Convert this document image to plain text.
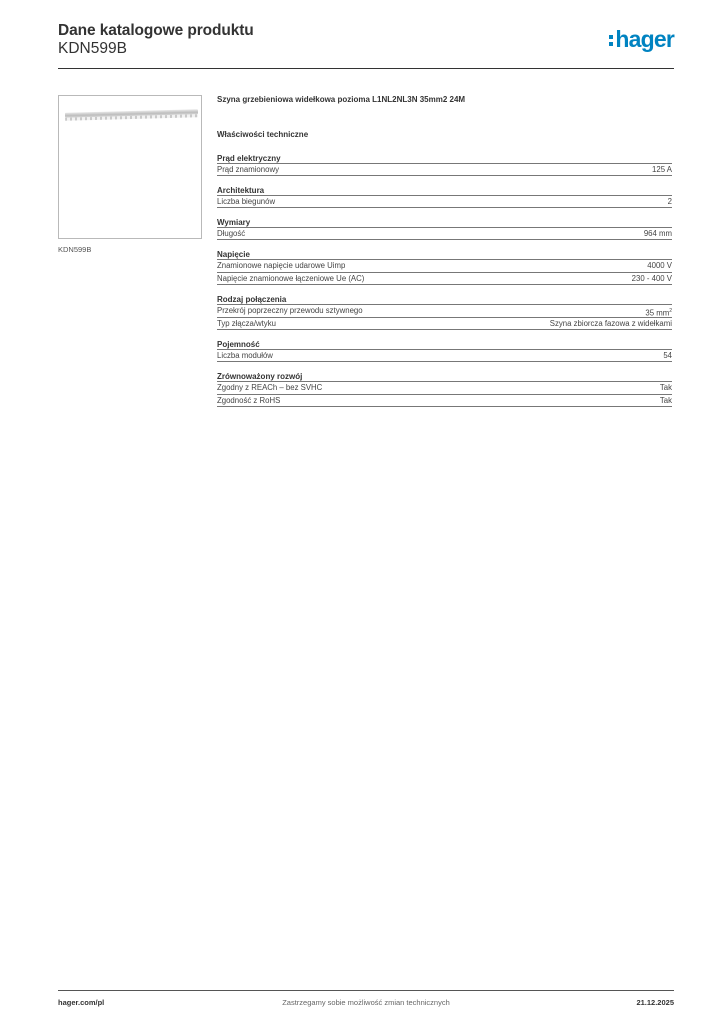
Dane katalogowe produktu
KDN599B	hager
KDN599B
Szyna grzebieniowa widełkowa pozioma L1NL2NL3N 35mm2 24M
Właściwości techniczne
Prąd elektryczny
Prąd znamionowy	125 A
Architektura
Liczba biegunów	2
Wymiary
Długość	964 mm
Napięcie
Znamionowe napięcie udarowe Uimp	4000 V
Napięcie znamionowe łączeniowe Ue (AC)	230 - 400 V
Rodzaj połączenia
Przekrój poprzeczny przewodu sztywnego	35 $mm^2$
Typ złącza/wtyku	Szyna zbiorcza fazowa z widełkami
Pojemność
Liczba modułów	54
Zrównoważony rozwój
Zgodny z REACh – bez SVHC	Tak
Zgodność z RoHS	Tak
hager.com/pl	Zastrzegamy sobie możliwość zmian technicznych	21.12.2025
